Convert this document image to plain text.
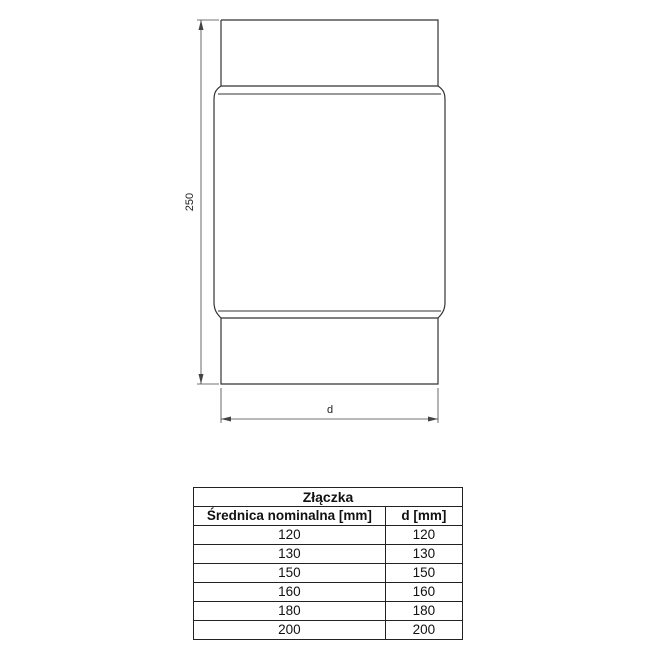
250
d
Złączka	
Średnica nominalna [mm]	d [mm]
120	120
130	130
150	150
160	160
180	180
200	200
